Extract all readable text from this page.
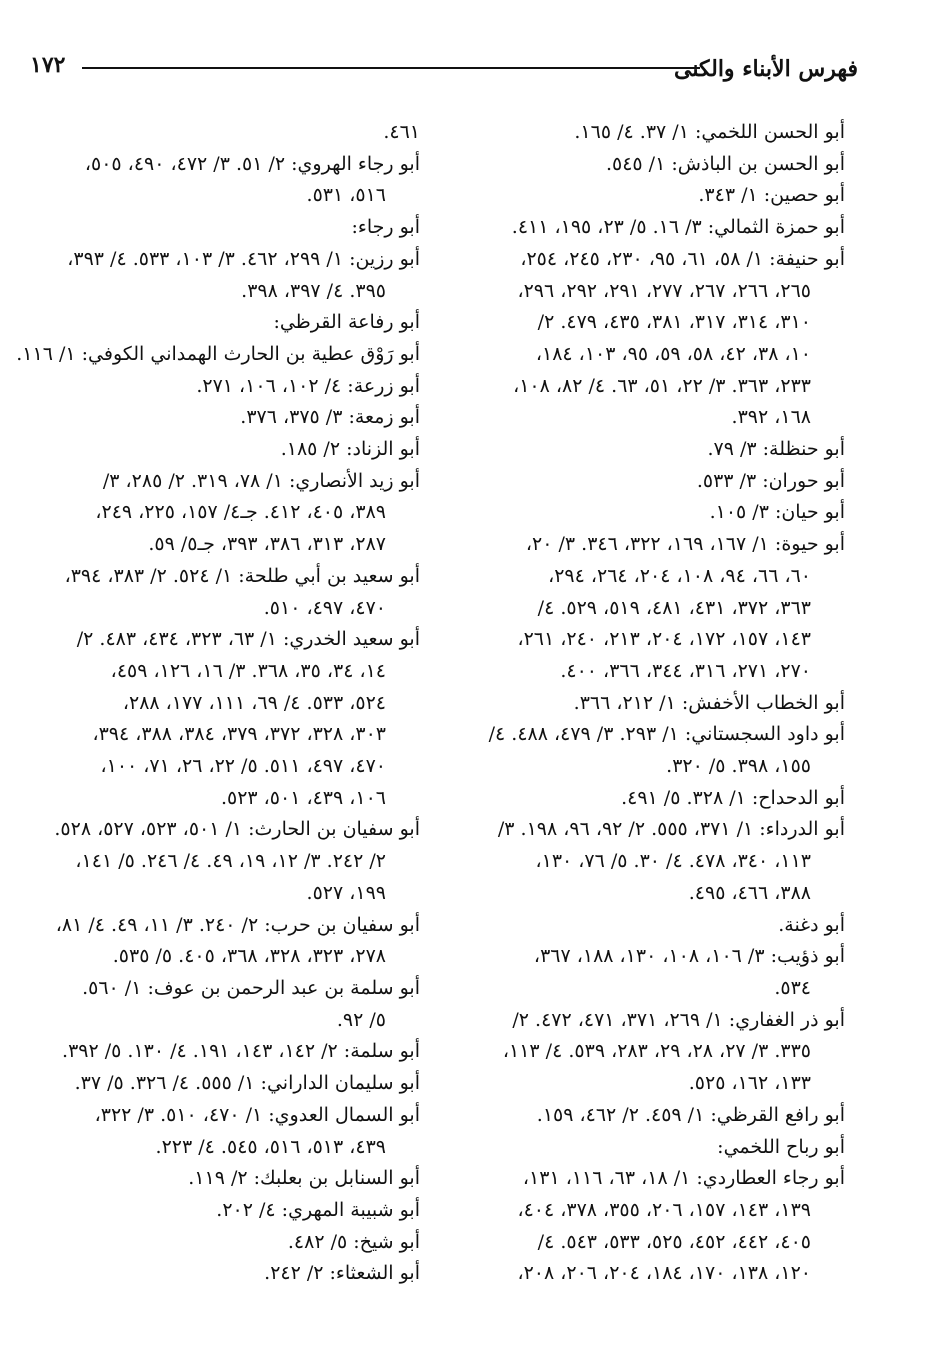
١٧٢	فهرس الأبناء والكنى
أبو الحسن اللخمي: ١/ ٣٧. ٤/ ١٦٥.
أبو الحسن بن الباذش: ١/ ٥٤٥.
أبو حصين: ١/ ٣٤٣.
أبو حمزة الثمالي: ٣/ ١٦. ٥/ ٢٣، ١٩٥، ٤١١.
أبو حنيفة: ١/ ٥٨، ٦١، ٩٥، ٢٣٠، ٢٤٥، ٢٥٤،
٢٦٥، ٢٦٦، ٢٦٧، ٢٧٧، ٢٩١، ٢٩٢، ٢٩٦،
٣١٠، ٣١٤، ٣١٧، ٣٨١، ٤٣٥، ٤٧٩. ٢/
١٠، ٣٨، ٤٢، ٥٨، ٥٩، ٩٥، ١٠٣، ١٨٤،
٢٣٣، ٣٦٣. ٣/ ٢٢، ٥١، ٦٣. ٤/ ٨٢، ١٠٨،
١٦٨، ٣٩٢.
أبو حنظلة: ٣/ ٧٩.
أبو حوران: ٣/ ٥٣٣.
أبو حيان: ٣/ ١٠٥.
أبو حيوة: ١/ ١٦٧، ١٦٩، ٣٢٢، ٣٤٦. ٣/ ٢٠،
٦٠، ٦٦، ٩٤، ١٠٨، ٢٠٤، ٢٦٤، ٢٩٤،
٣٦٣، ٣٧٢، ٤٣١، ٤٨١، ٥١٩، ٥٢٩. ٤/
١٤٣، ١٥٧، ١٧٢، ٢٠٤، ٢١٣، ٢٤٠، ٢٦١،
٢٧٠، ٢٧١، ٣١٦، ٣٤٤، ٣٦٦، ٤٠٠.
أبو الخطاب الأخفش: ١/ ٢١٢، ٣٦٦.
أبو داود السجستاني: ١/ ٢٩٣. ٣/ ٤٧٩، ٤٨٨. ٤/
١٥٥، ٣٩٨. ٥/ ٣٢٠.
أبو الدحداح: ١/ ٣٢٨. ٥/ ٤٩١.
أبو الدرداء: ١/ ٣٧١، ٥٥٥. ٢/ ٩٢، ٩٦، ١٩٨. ٣/
١١٣، ٣٤٠، ٤٧٨. ٤/ ٣٠. ٥/ ٧٦، ١٣٠،
٣٨٨، ٤٦٦، ٤٩٥.
أبو دغنة.
أبو ذؤيب: ٣/ ١٠٦، ١٠٨، ١٣٠، ١٨٨، ٣٦٧،
٥٣٤.
أبو ذر الغفاري: ١/ ٢٦٩، ٣٧١، ٤٧١، ٤٧٢. ٢/
٣٣٥. ٣/ ٢٧، ٢٨، ٢٩، ٢٨٣، ٥٣٩. ٤/ ١١٣،
١٣٣، ١٦٢، ٥٢٥.
أبو رافع القرظي: ١/ ٤٥٩. ٢/ ٤٦٢، ١٥٩.
أبو رباح اللخمي:
أبو رجاء العطاردي: ١/ ١٨، ٦٣، ١١٦، ١٣١،
١٣٩، ١٤٣، ١٥٧، ٢٠٦، ٣٥٥، ٣٧٨، ٤٠٤،
٤٠٥، ٤٤٢، ٤٥٢، ٥٢٥، ٥٣٣، ٥٤٣. ٤/
١٢٠، ١٣٨، ١٧٠، ١٨٤، ٢٠٤، ٢٠٦، ٢٠٨،
٤٦١.
أبو رجاء الهروي: ٢/ ٥١. ٣/ ٤٧٢، ٤٩٠، ٥٠٥،
٥١٦، ٥٣١.
أبو رجاء:
أبو رزين: ١/ ٢٩٩، ٤٦٢. ٣/ ١٠٣، ٥٣٣. ٤/ ٣٩٣،
٣٩٥. ٤/ ٣٩٧، ٣٩٨.
أبو رفاعة القرظي:
أبو رَوْق عطية بن الحارث الهمداني الكوفي: ١/ ١١٦.
أبو زرعة: ٤/ ١٠٢، ١٠٦، ٢٧١.
أبو زمعة: ٣/ ٣٧٥، ٣٧٦.
أبو الزناد: ٢/ ١٨٥.
أبو زيد الأنصاري: ١/ ٧٨، ٣١٩. ٢/ ٢٨٥، ٣/
٣٨٩، ٤٠٥، ٤١٢. جـ٤/ ١٥٧، ٢٢٥، ٢٤٩،
٢٨٧، ٣١٣، ٣٨٦، ٣٩٣، جـ٥/ ٥٩.
أبو سعيد بن أبي طلحة: ١/ ٥٢٤. ٢/ ٣٨٣، ٣٩٤،
٤٧٠، ٤٩٧، ٥١٠.
أبو سعيد الخدري: ١/ ٦٣، ٣٢٣، ٤٣٤، ٤٨٣. ٢/
١٤، ٣٤، ٣٥، ٣٦٨. ٣/ ١٦، ١٢٦، ٤٥٩،
٥٢٤، ٥٣٣. ٤/ ٦٩، ١١١، ١٧٧، ٢٨٨،
٣٠٣، ٣٢٨، ٣٧٢، ٣٧٩، ٣٨٤، ٣٨٨، ٣٩٤،
٤٧٠، ٤٩٧، ٥١١. ٥/ ٢٢، ٢٦، ٧١، ١٠٠،
١٠٦، ٤٣٩، ٥٠١، ٥٢٣.
أبو سفيان بن الحارث: ١/ ٥٠١، ٥٢٣، ٥٢٧، ٥٢٨.
٢/ ٢٤٢. ٣/ ١٢، ١٩، ٤٩. ٤/ ٢٤٦. ٥/ ١٤١،
١٩٩، ٥٢٧.
أبو سفيان بن حرب: ٢/ ٢٤٠. ٣/ ١١، ٤٩. ٤/ ٨١،
٢٧٨، ٣٢٣، ٣٢٨، ٣٦٨، ٤٠٥. ٥/ ٥٣٥.
أبو سلمة بن عبد الرحمن بن عوف: ١/ ٥٦٠.
٥/ ٩٢.
أبو سلمة: ٢/ ١٤٢، ١٤٣، ١٩١. ٤/ ١٣٠. ٥/ ٣٩٢.
أبو سليمان الداراني: ١/ ٥٥٥. ٤/ ٣٢٦. ٥/ ٣٧.
أبو السمال العدوي: ١/ ٤٧٠، ٥١٠. ٣/ ٣٢٢،
٤٣٩، ٥١٣، ٥١٦، ٥٤٥. ٤/ ٢٢٣.
أبو السنابل بن بعلبك: ٢/ ١١٩.
أبو شبيبة المهري: ٤/ ٢٠٢.
أبو شيخ: ٥/ ٤٨٢.
أبو الشعثاء: ٢/ ٢٤٢.
